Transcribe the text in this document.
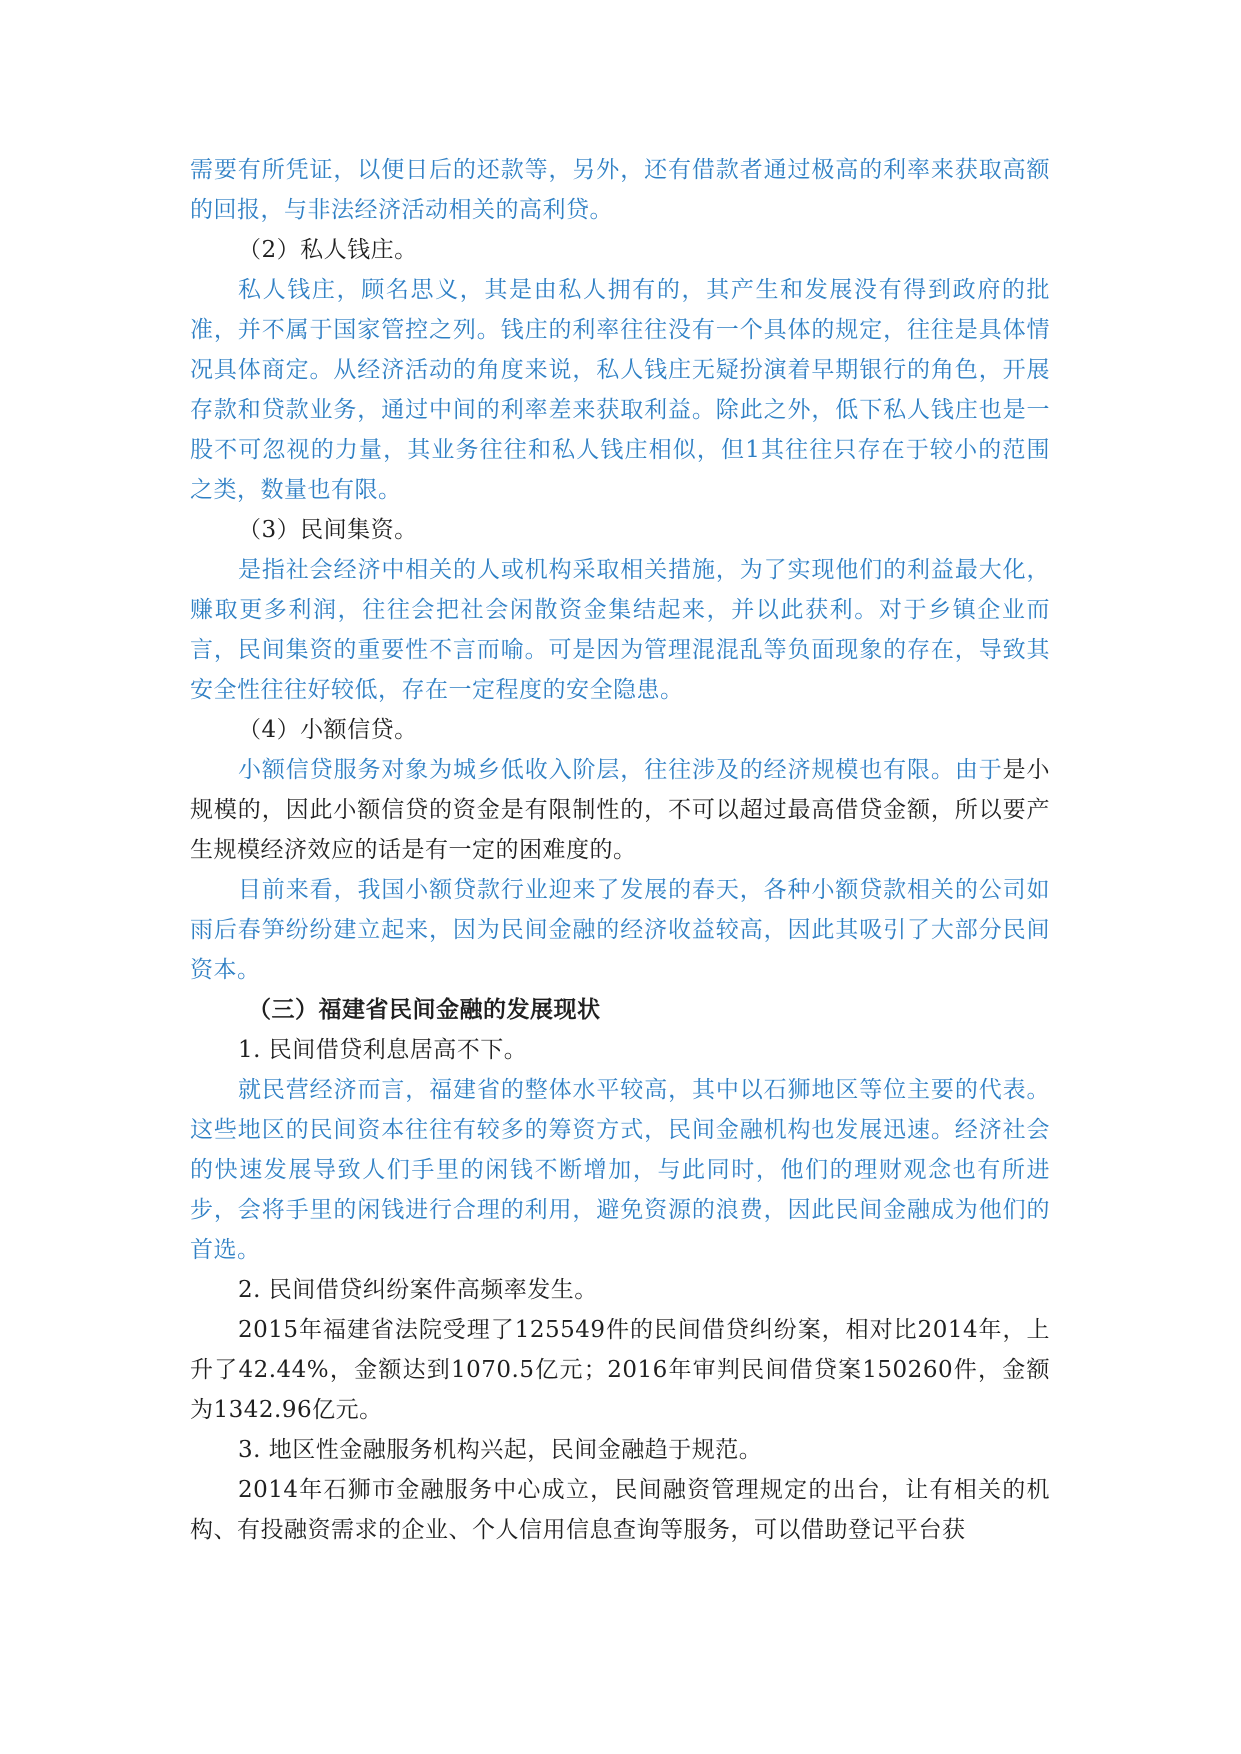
需要有所凭证，以便日后的还款等，另外，还有借款者通过极高的利率来获取高额的回报，与非法经济活动相关的高利贷。

（2）私人钱庄。

私人钱庄，顾名思义，其是由私人拥有的，其产生和发展没有得到政府的批准，并不属于国家管控之列。钱庄的利率往往没有一个具体的规定，往往是具体情况具体商定。从经济活动的角度来说，私人钱庄无疑扮演着早期银行的角色，开展存款和贷款业务，通过中间的利率差来获取利益。除此之外，低下私人钱庄也是一股不可忽视的力量，其业务往往和私人钱庄相似，但1其往往只存在于较小的范围之类，数量也有限。

（3）民间集资。

是指社会经济中相关的人或机构采取相关措施，为了实现他们的利益最大化，赚取更多利润，往往会把社会闲散资金集结起来，并以此获利。对于乡镇企业而言，民间集资的重要性不言而喻。可是因为管理混混乱等负面现象的存在，导致其安全性往往好较低，存在一定程度的安全隐患。

（4）小额信贷。

小额信贷服务对象为城乡低收入阶层，往往涉及的经济规模也有限。由于是小规模的，因此小额信贷的资金是有限制性的，不可以超过最高借贷金额，所以要产生规模经济效应的话是有一定的困难度的。

目前来看，我国小额贷款行业迎来了发展的春天，各种小额贷款相关的公司如雨后春笋纷纷建立起来，因为民间金融的经济收益较高，因此其吸引了大部分民间资本。

（三）福建省民间金融的发展现状

1. 民间借贷利息居高不下。

就民营经济而言，福建省的整体水平较高，其中以石狮地区等位主要的代表。这些地区的民间资本往往有较多的筹资方式，民间金融机构也发展迅速。经济社会的快速发展导致人们手里的闲钱不断增加，与此同时，他们的理财观念也有所进步，会将手里的闲钱进行合理的利用，避免资源的浪费，因此民间金融成为他们的首选。

2. 民间借贷纠纷案件高频率发生。

2015年福建省法院受理了125549件的民间借贷纠纷案，相对比2014年，上升了42.44%，金额达到1070.5亿元；2016年审判民间借贷案150260件，金额为1342.96亿元。

3. 地区性金融服务机构兴起，民间金融趋于规范。

2014年石狮市金融服务中心成立，民间融资管理规定的出台，让有相关的机构、有投融资需求的企业、个人信用信息查询等服务，可以借助登记平台获
